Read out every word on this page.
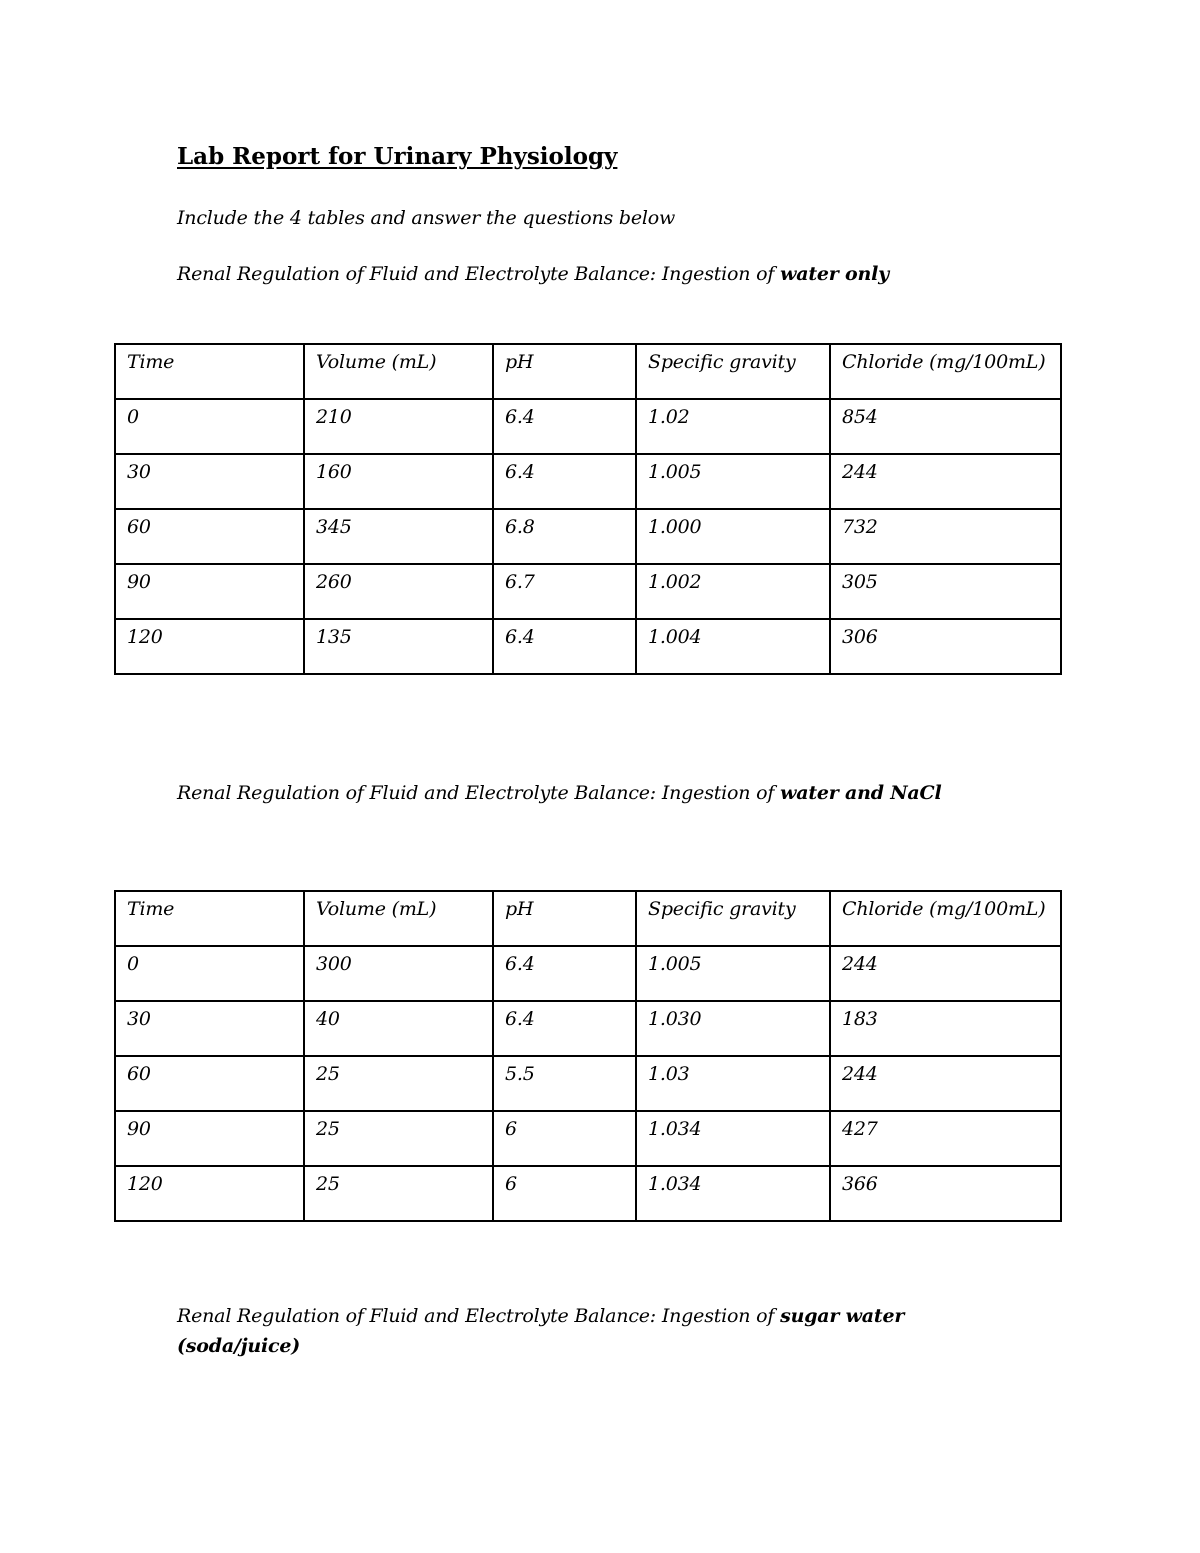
Lab Report for Urinary Physiology
Include the 4 tables and answer the questions below
Renal Regulation of Fluid and Electrolyte Balance: Ingestion of water only
Time	Volume (mL)	pH	Specific gravity	Chloride (mg/100mL)
0	210	6.4	1.02	854
30	160	6.4	1.005	244
60	345	6.8	1.000	732
90	260	6.7	1.002	305
120	135	6.4	1.004	306
Renal Regulation of Fluid and Electrolyte Balance: Ingestion of water and NaCl
Time	Volume (mL)	pH	Specific gravity	Chloride (mg/100mL)
0	300	6.4	1.005	244
30	40	6.4	1.030	183
60	25	5.5	1.03	244
90	25	6	1.034	427
120	25	6	1.034	366
Renal Regulation of Fluid and Electrolyte Balance: Ingestion of sugar water
(soda/juice)
